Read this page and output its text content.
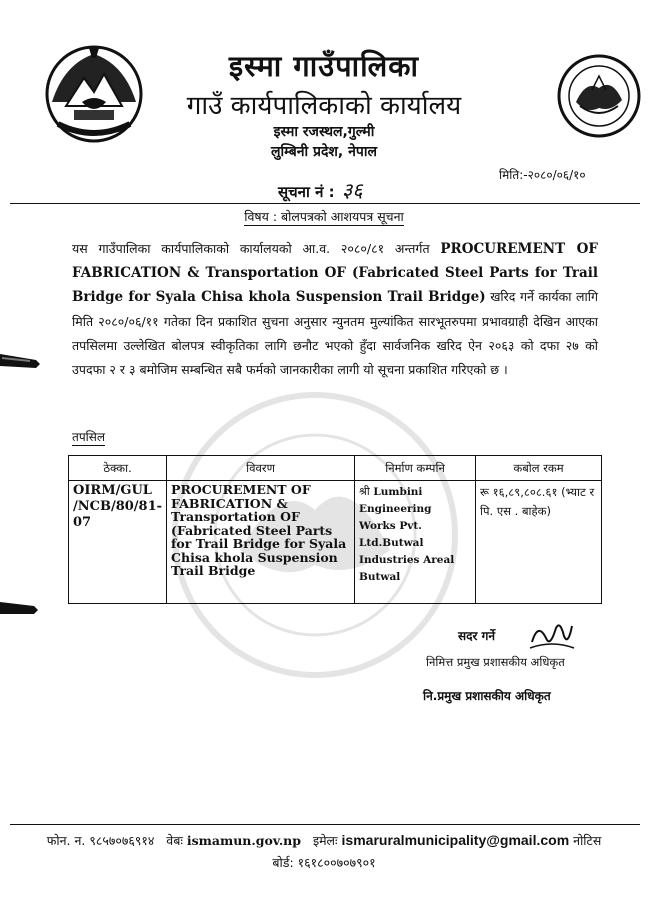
इस्मा गाउँपालिका
गाउँ कार्यपालिकाको कार्यालय
इस्मा रजस्थल,गुल्मी
लुम्बिनी प्रदेश, नेपाल
मिति:-२०८०/०६/१०
सूचना नं : ३६
विषय : बोलपत्रको आशयपत्र सूचना
यस गाउँपालिका कार्यपालिकाको कार्यालयको आ.व. २०८०/८१ अन्तर्गत PROCUREMENT OF FABRICATION & Transportation OF (Fabricated Steel Parts for Trail Bridge for Syala Chisa khola Suspension Trail Bridge) खरिद गर्ने कार्यका लागि मिति २०८०/०६/११ गतेका दिन प्रकाशित सुचना अनुसार न्युनतम मुल्यांकित सारभूतरुपमा प्रभावग्राही देखिन आएका तपसिलमा उल्लेखित बोलपत्र स्वीकृतिका लागि छनौट भएको हुँदा सार्वजनिक खरिद ऐन २०६३ को दफा २७ को उपदफा २ र ३ बमोजिम सम्बन्धित सबै फर्मको जानकारीका लागी यो सूचना प्रकाशित गरिएको छ ।
तपसिल
ठेक्का.	विवरण	निर्माण कम्पनि	कबोल रकम
OIRM/GUL /NCB/80/81-07	PROCUREMENT OF FABRICATION & Transportation OF (Fabricated Steel Parts for Trail Bridge for Syala Chisa khola Suspension Trail Bridge	श्री Lumbini Engineering Works Pvt. Ltd.Butwal Industries Areal Butwal	रू १६,८९,८०८.६१ (भ्याट र पि. एस . बाहेक)
सदर गर्ने
निमित्त प्रमुख प्रशासकीय अधिकृत
नि.प्रमुख प्रशासकीय अधिकृत
फोन. न. ९८५७०७६९१४ वेबः ismamun.gov.np इमेलः ismaruralmunicipality@gmail.com नोटिस
बोर्ड: १६१८००७०७९०१
